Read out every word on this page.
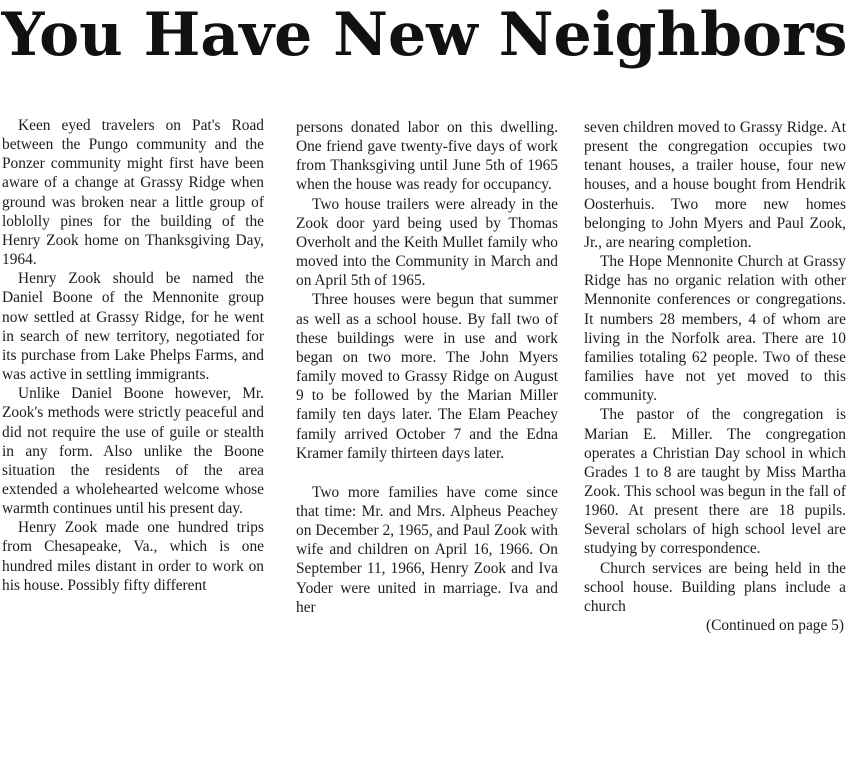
You Have New Neighbors

Keen eyed travelers on Pat's Road between the Pungo community and the Ponzer community might first have been aware of a change at Grassy Ridge when ground was broken near a little group of loblolly pines for the building of the Henry Zook home on Thanksgiving Day, 1964.

Henry Zook should be named the Daniel Boone of the Mennonite group now settled at Grassy Ridge, for he went in search of new territory, negotiated for its purchase from Lake Phelps Farms, and was active in settling immigrants.

Unlike Daniel Boone however, Mr. Zook's methods were strictly peaceful and did not require the use of guile or stealth in any form. Also unlike the Boone situation the residents of the area extended a wholehearted welcome whose warmth continues until his present day.

Henry Zook made one hundred trips from Chesapeake, Va., which is one hundred miles distant in order to work on his house. Possibly fifty different

persons donated labor on this dwelling. One friend gave twenty-five days of work from Thanksgiving until June 5th of 1965 when the house was ready for occupancy.

Two house trailers were already in the Zook door yard being used by Thomas Overholt and the Keith Mullet family who moved into the Community in March and on April 5th of 1965.

Three houses were begun that summer as well as a school house. By fall two of these buildings were in use and work began on two more. The John Myers family moved to Grassy Ridge on August 9 to be followed by the Marian Miller family ten days later. The Elam Peachey family arrived October 7 and the Edna Kramer family thirteen days later.

Two more families have come since that time: Mr. and Mrs. Alpheus Peachey on December 2, 1965, and Paul Zook with wife and children on April 16, 1966. On September 11, 1966, Henry Zook and Iva Yoder were united in marriage. Iva and her

seven children moved to Grassy Ridge. At present the congregation occupies two tenant houses, a trailer house, four new houses, and a house bought from Hendrik Oosterhuis. Two more new homes belonging to John Myers and Paul Zook, Jr., are nearing completion.

The Hope Mennonite Church at Grassy Ridge has no organic relation with other Mennonite conferences or congregations. It numbers 28 members, 4 of whom are living in the Norfolk area. There are 10 families totaling 62 people. Two of these families have not yet moved to this community.

The pastor of the congregation is Marian E. Miller. The congregation operates a Christian Day school in which Grades 1 to 8 are taught by Miss Martha Zook. This school was begun in the fall of 1960. At present there are 18 pupils. Several scholars of high school level are studying by correspondence.

Church services are being held in the school house. Building plans include a church

(Continued on page 5)
